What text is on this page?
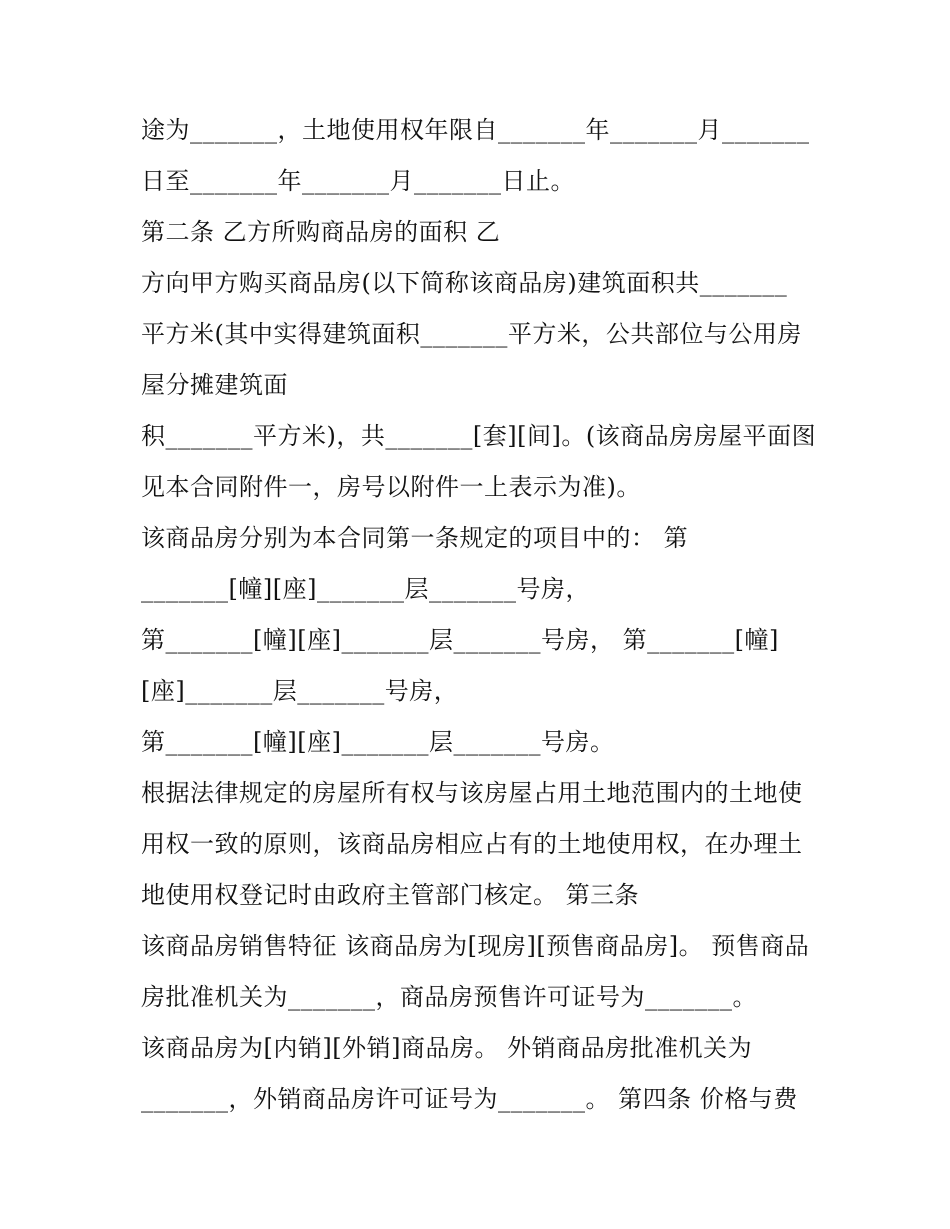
途为_______，土地使用权年限自_______年_______月_______
日至_______年_______月_______日止。
第二条 乙方所购商品房的面积 乙
方向甲方购买商品房(以下简称该商品房)建筑面积共_______
平方米(其中实得建筑面积_______平方米，公共部位与公用房
屋分摊建筑面
积_______平方米)，共_______[套][间]。(该商品房房屋平面图
见本合同附件一，房号以附件一上表示为准)。
该商品房分别为本合同第一条规定的项目中的： 第
_______[幢][座]_______层_______号房，
第_______[幢][座]_______层_______号房， 第_______[幢]
[座]_______层_______号房，
第_______[幢][座]_______层_______号房。
根据法律规定的房屋所有权与该房屋占用土地范围内的土地使
用权一致的原则，该商品房相应占有的土地使用权，在办理土
地使用权登记时由政府主管部门核定。 第三条
该商品房销售特征 该商品房为[现房][预售商品房]。 预售商品
房批准机关为_______，商品房预售许可证号为_______。
该商品房为[内销][外销]商品房。 外销商品房批准机关为
_______，外销商品房许可证号为_______。 第四条 价格与费
